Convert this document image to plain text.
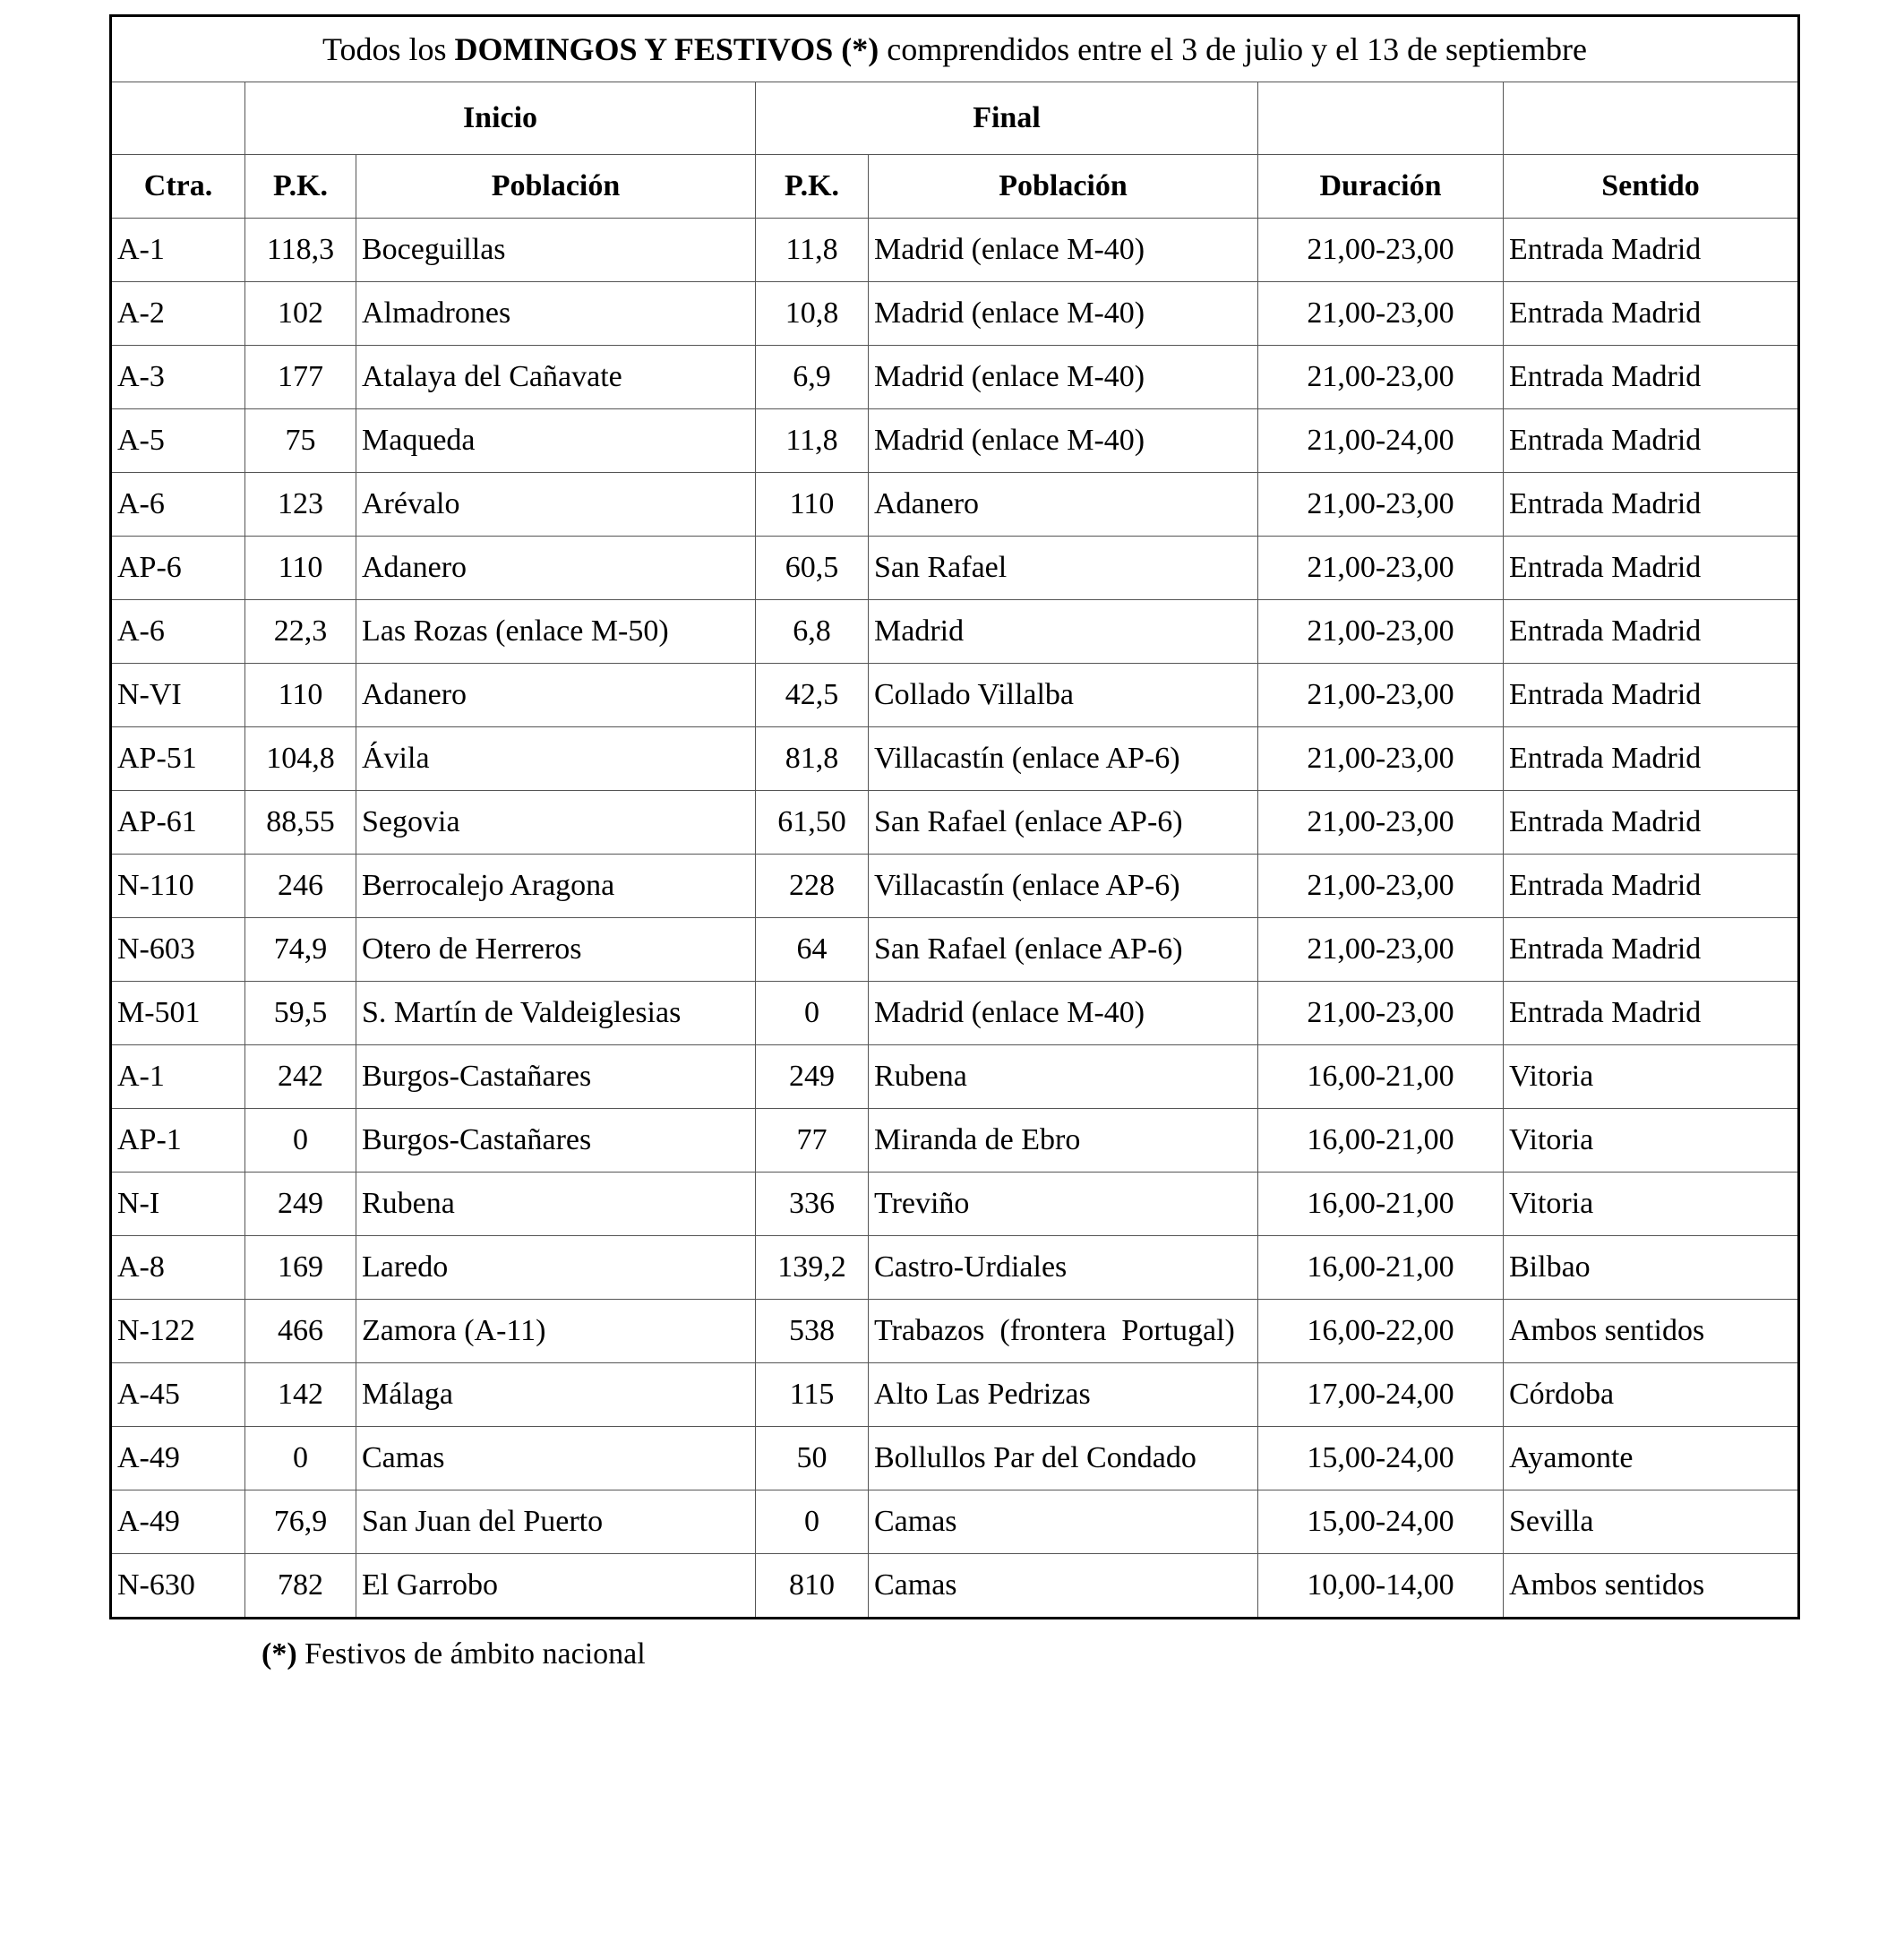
Todos los DOMINGOS Y FESTIVOS (*) comprendidos entre el 3 de julio y el 13 de septiembre						
	Inicio		Final			
Ctra.	P.K.	Población	P.K.	Población	Duración	Sentido
A-1	118,3	Boceguillas	11,8	Madrid (enlace M-40)	21,00-23,00	Entrada Madrid
A-2	102	Almadrones	10,8	Madrid (enlace M-40)	21,00-23,00	Entrada Madrid
A-3	177	Atalaya del Cañavate	6,9	Madrid (enlace M-40)	21,00-23,00	Entrada Madrid
A-5	75	Maqueda	11,8	Madrid (enlace M-40)	21,00-24,00	Entrada Madrid
A-6	123	Arévalo	110	Adanero	21,00-23,00	Entrada Madrid
AP-6	110	Adanero	60,5	San Rafael	21,00-23,00	Entrada Madrid
A-6	22,3	Las Rozas (enlace M-50)	6,8	Madrid	21,00-23,00	Entrada Madrid
N-VI	110	Adanero	42,5	Collado Villalba	21,00-23,00	Entrada Madrid
AP-51	104,8	Ávila	81,8	Villacastín (enlace AP-6)	21,00-23,00	Entrada Madrid
AP-61	88,55	Segovia	61,50	San Rafael (enlace AP-6)	21,00-23,00	Entrada Madrid
N-110	246	Berrocalejo Aragona	228	Villacastín (enlace AP-6)	21,00-23,00	Entrada Madrid
N-603	74,9	Otero de Herreros	64	San Rafael (enlace AP-6)	21,00-23,00	Entrada Madrid
M-501	59,5	S. Martín de Valdeiglesias	0	Madrid (enlace M-40)	21,00-23,00	Entrada Madrid
A-1	242	Burgos-Castañares	249	Rubena	16,00-21,00	Vitoria
AP-1	0	Burgos-Castañares	77	Miranda de Ebro	16,00-21,00	Vitoria
N-I	249	Rubena	336	Treviño	16,00-21,00	Vitoria
A-8	169	Laredo	139,2	Castro-Urdiales	16,00-21,00	Bilbao
N-122	466	Zamora (A-11)	538	Trabazos  (frontera  Portugal)	16,00-22,00	Ambos sentidos
A-45	142	Málaga	115	Alto Las Pedrizas	17,00-24,00	Córdoba
A-49	0	Camas	50	Bollullos Par del Condado	15,00-24,00	Ayamonte
A-49	76,9	San Juan del Puerto	0	Camas	15,00-24,00	Sevilla
N-630	782	El Garrobo	810	Camas	10,00-14,00	Ambos sentidos
(*) Festivos de ámbito nacional
